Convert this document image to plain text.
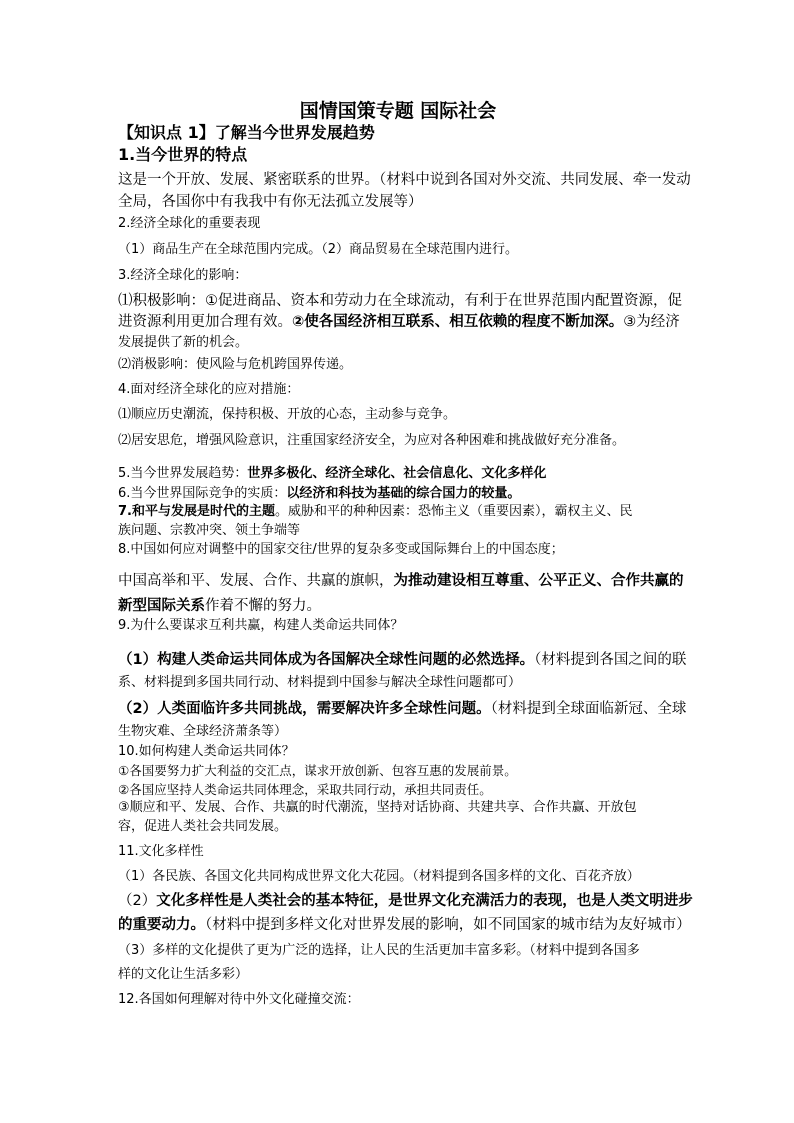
国情国策专题 国际社会
【知识点 1】了解当今世界发展趋势
1.当今世界的特点
这是一个开放、发展、紧密联系的世界。（材料中说到各国对外交流、共同发展、牵一发动
全局，各国你中有我我中有你无法孤立发展等）
2.经济全球化的重要表现
（1）商品生产在全球范围内完成。（2）商品贸易在全球范围内进行。
3.经济全球化的影响：
⑴积极影响：①促进商品、资本和劳动力在全球流动，有利于在世界范围内配置资源，促
进资源利用更加合理有效。②使各国经济相互联系、相互依赖的程度不断加深。③为经济
发展提供了新的机会。
⑵消极影响：使风险与危机跨国界传递。
4.面对经济全球化的应对措施：
⑴顺应历史潮流，保持积极、开放的心态，主动参与竞争。
⑵居安思危，增强风险意识，注重国家经济安全，为应对各种困难和挑战做好充分准备。
5.当今世界发展趋势：世界多极化、经济全球化、社会信息化、文化多样化
6.当今世界国际竞争的实质：以经济和科技为基础的综合国力的较量。
7.和平与发展是时代的主题。威胁和平的种种因素：恐怖主义（重要因素），霸权主义、民
族问题、宗教冲突、领土争端等
8.中国如何应对调整中的国家交往/世界的复杂多变或国际舞台上的中国态度；
中国高举和平、发展、合作、共赢的旗帜，为推动建设相互尊重、公平正义、合作共赢的
新型国际关系作着不懈的努力。
9.为什么要谋求互利共赢，构建人类命运共同体？
（1）构建人类命运共同体成为各国解决全球性问题的必然选择。（材料提到各国之间的联
系、材料提到多国共同行动、材料提到中国参与解决全球性问题都可）
（2）人类面临许多共同挑战，需要解决许多全球性问题。（材料提到全球面临新冠、全球
生物灾难、全球经济萧条等）
10.如何构建人类命运共同体？
①各国要努力扩大利益的交汇点，谋求开放创新、包容互惠的发展前景。
②各国应坚持人类命运共同体理念，采取共同行动，承担共同责任。
③顺应和平、发展、合作、共赢的时代潮流，坚持对话协商、共建共享、合作共赢、开放包
容，促进人类社会共同发展。
11.文化多样性
（1）各民族、各国文化共同构成世界文化大花园。（材料提到各国多样的文化、百花齐放）
（2）文化多样性是人类社会的基本特征，是世界文化充满活力的表现，也是人类文明进步
的重要动力。（材料中提到多样文化对世界发展的影响，如不同国家的城市结为友好城市）
（3）多样的文化提供了更为广泛的选择，让人民的生活更加丰富多彩。（材料中提到各国多
样的文化让生活多彩）
12.各国如何理解对待中外文化碰撞交流：
